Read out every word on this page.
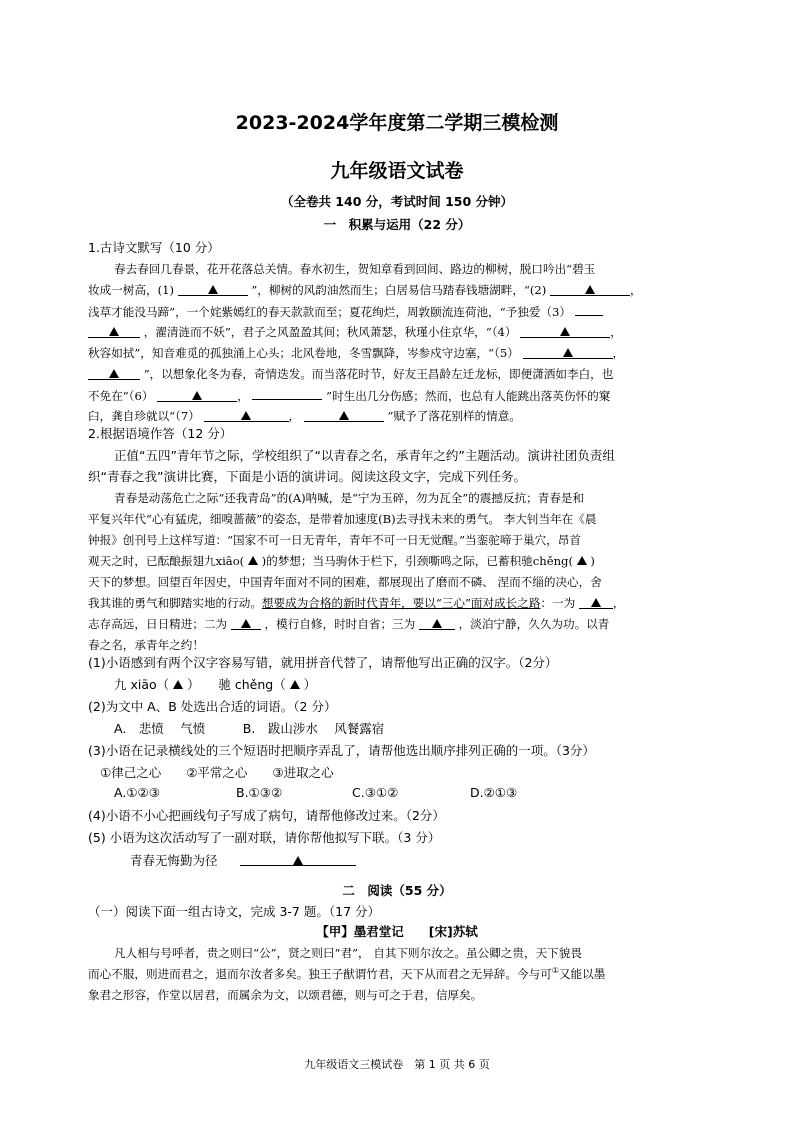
2023-2024学年度第二学期三模检测
九年级语文试卷
（全卷共 140 分，考试时间 150 分钟）
一　积累与运用（22 分）
1.古诗文默写（10 分）
春去春回几春景，花开花落总关情。春水初生，贺知章看到回间、路边的柳树，脱口吟出“碧玉
妆成一树高，(1)	”，柳树的风韵油然而生；白居易信马踏春钱塘湖畔，“(2)	，
浅草才能没马蹄”，一个姹紫嫣红的春天款款而至；夏花绚烂，周敦颐流连荷池，“予独爱（3）
，濯清涟而不妖”，君子之风盈盈其间；秋风萧瑟，秋瑾小住京华，“（4）	，
秋容如拭”，知音难觅的孤独涌上心头；北风卷地，冬雪飘降，岑参戍守边塞，“（5）	，
”，以想象化冬为春，奇情迭发。而当落花时节，好友王昌龄左迁龙标，即便潇洒如李白，也
不免在“（6）	，	”时生出几分伤感；然而，也总有人能跳出落英伤怀的窠
臼，龚自珍就以“（7）	，	”赋予了落花别样的情意。
2.根据语境作答（12 分）
正值“五四”青年节之际，学校组织了“以青春之名，承青年之约”主题活动。演讲社团负责组
织“青春之我”演讲比赛，下面是小语的演讲词。阅读这段文字，完成下列任务。
青春是动荡危亡之际“还我青岛”的(A)呐喊，是“宁为玉碎，勿为瓦全”的震撼反抗；青春是和
平复兴年代“心有猛虎，细嗅蔷薇”的姿态，是带着加速度(B)去寻找未来的勇气。 李大钊当年在《晨
钟报》创刊号上这样写道：“国家不可一日无青年，青年不可一日无觉醒。”当銮驼啼于巢穴，昂首
观天之时，已酝酿振翅九xiāo( )的梦想；当马驹休于栏下，引颈嘶鸣之际，已蓄积驰chěng( )
天下的梦想。回望百年因史，中国青年面对不同的困难，都展现出了磨而不磷、 涅而不缁的决心，舍
我其谁的勇气和脚踏实地的行动。想要成为合格的新时代青年，要以“三心”面对成长之路：一为	，
志存高远，日日精进；二为	，模行自修，时时自省；三为	，淡泊宁静，久久为功。以青
春之名，承青年之约！
(1)小语感到有两个汉字容易写错，就用拼音代替了，请帮他写出正确的汉字。（2分）
九 xiāo（ ）　　驰 chěng（ ）
(2)为文中 A、B 处选出合适的词语。（2 分）
A.　悲愤　 气愤　　　B.　跋山涉水　 风餐露宿
(3)小语在记录横线处的三个短语时把顺序弄乱了，请帮他选出顺序排列正确的一项。（3分）
①律己之心　　②平常之心　　③进取之心
A.①②③	B.①③②	C.③①②	D.②①③
(4)小语不小心把画线句子写成了病句，请帮他修改过来。（2分）
(5) 小语为这次活动写了一副对联，请你帮他拟写下联。（3 分）
青春无悔勤为径
二　阅读（55 分）
（一）阅读下面一组古诗文，完成 3-7 题。（17 分）
【甲】墨君堂记　　[宋]苏轼
凡人相与号呼者，贵之则曰“公”，贤之则曰“君”， 自其下则尔汝之。虽公卿之贵，天下貌畏
而心不服，则进而君之，退而尔汝者多矣。独王子猷谓竹君，天下从而君之无异辞。今与可①又能以墨
象君之形容，作堂以居君，而属余为文，以颂君德，则与可之于君，信厚矣。
九年级语文三模试卷　第 1 页 共 6 页
